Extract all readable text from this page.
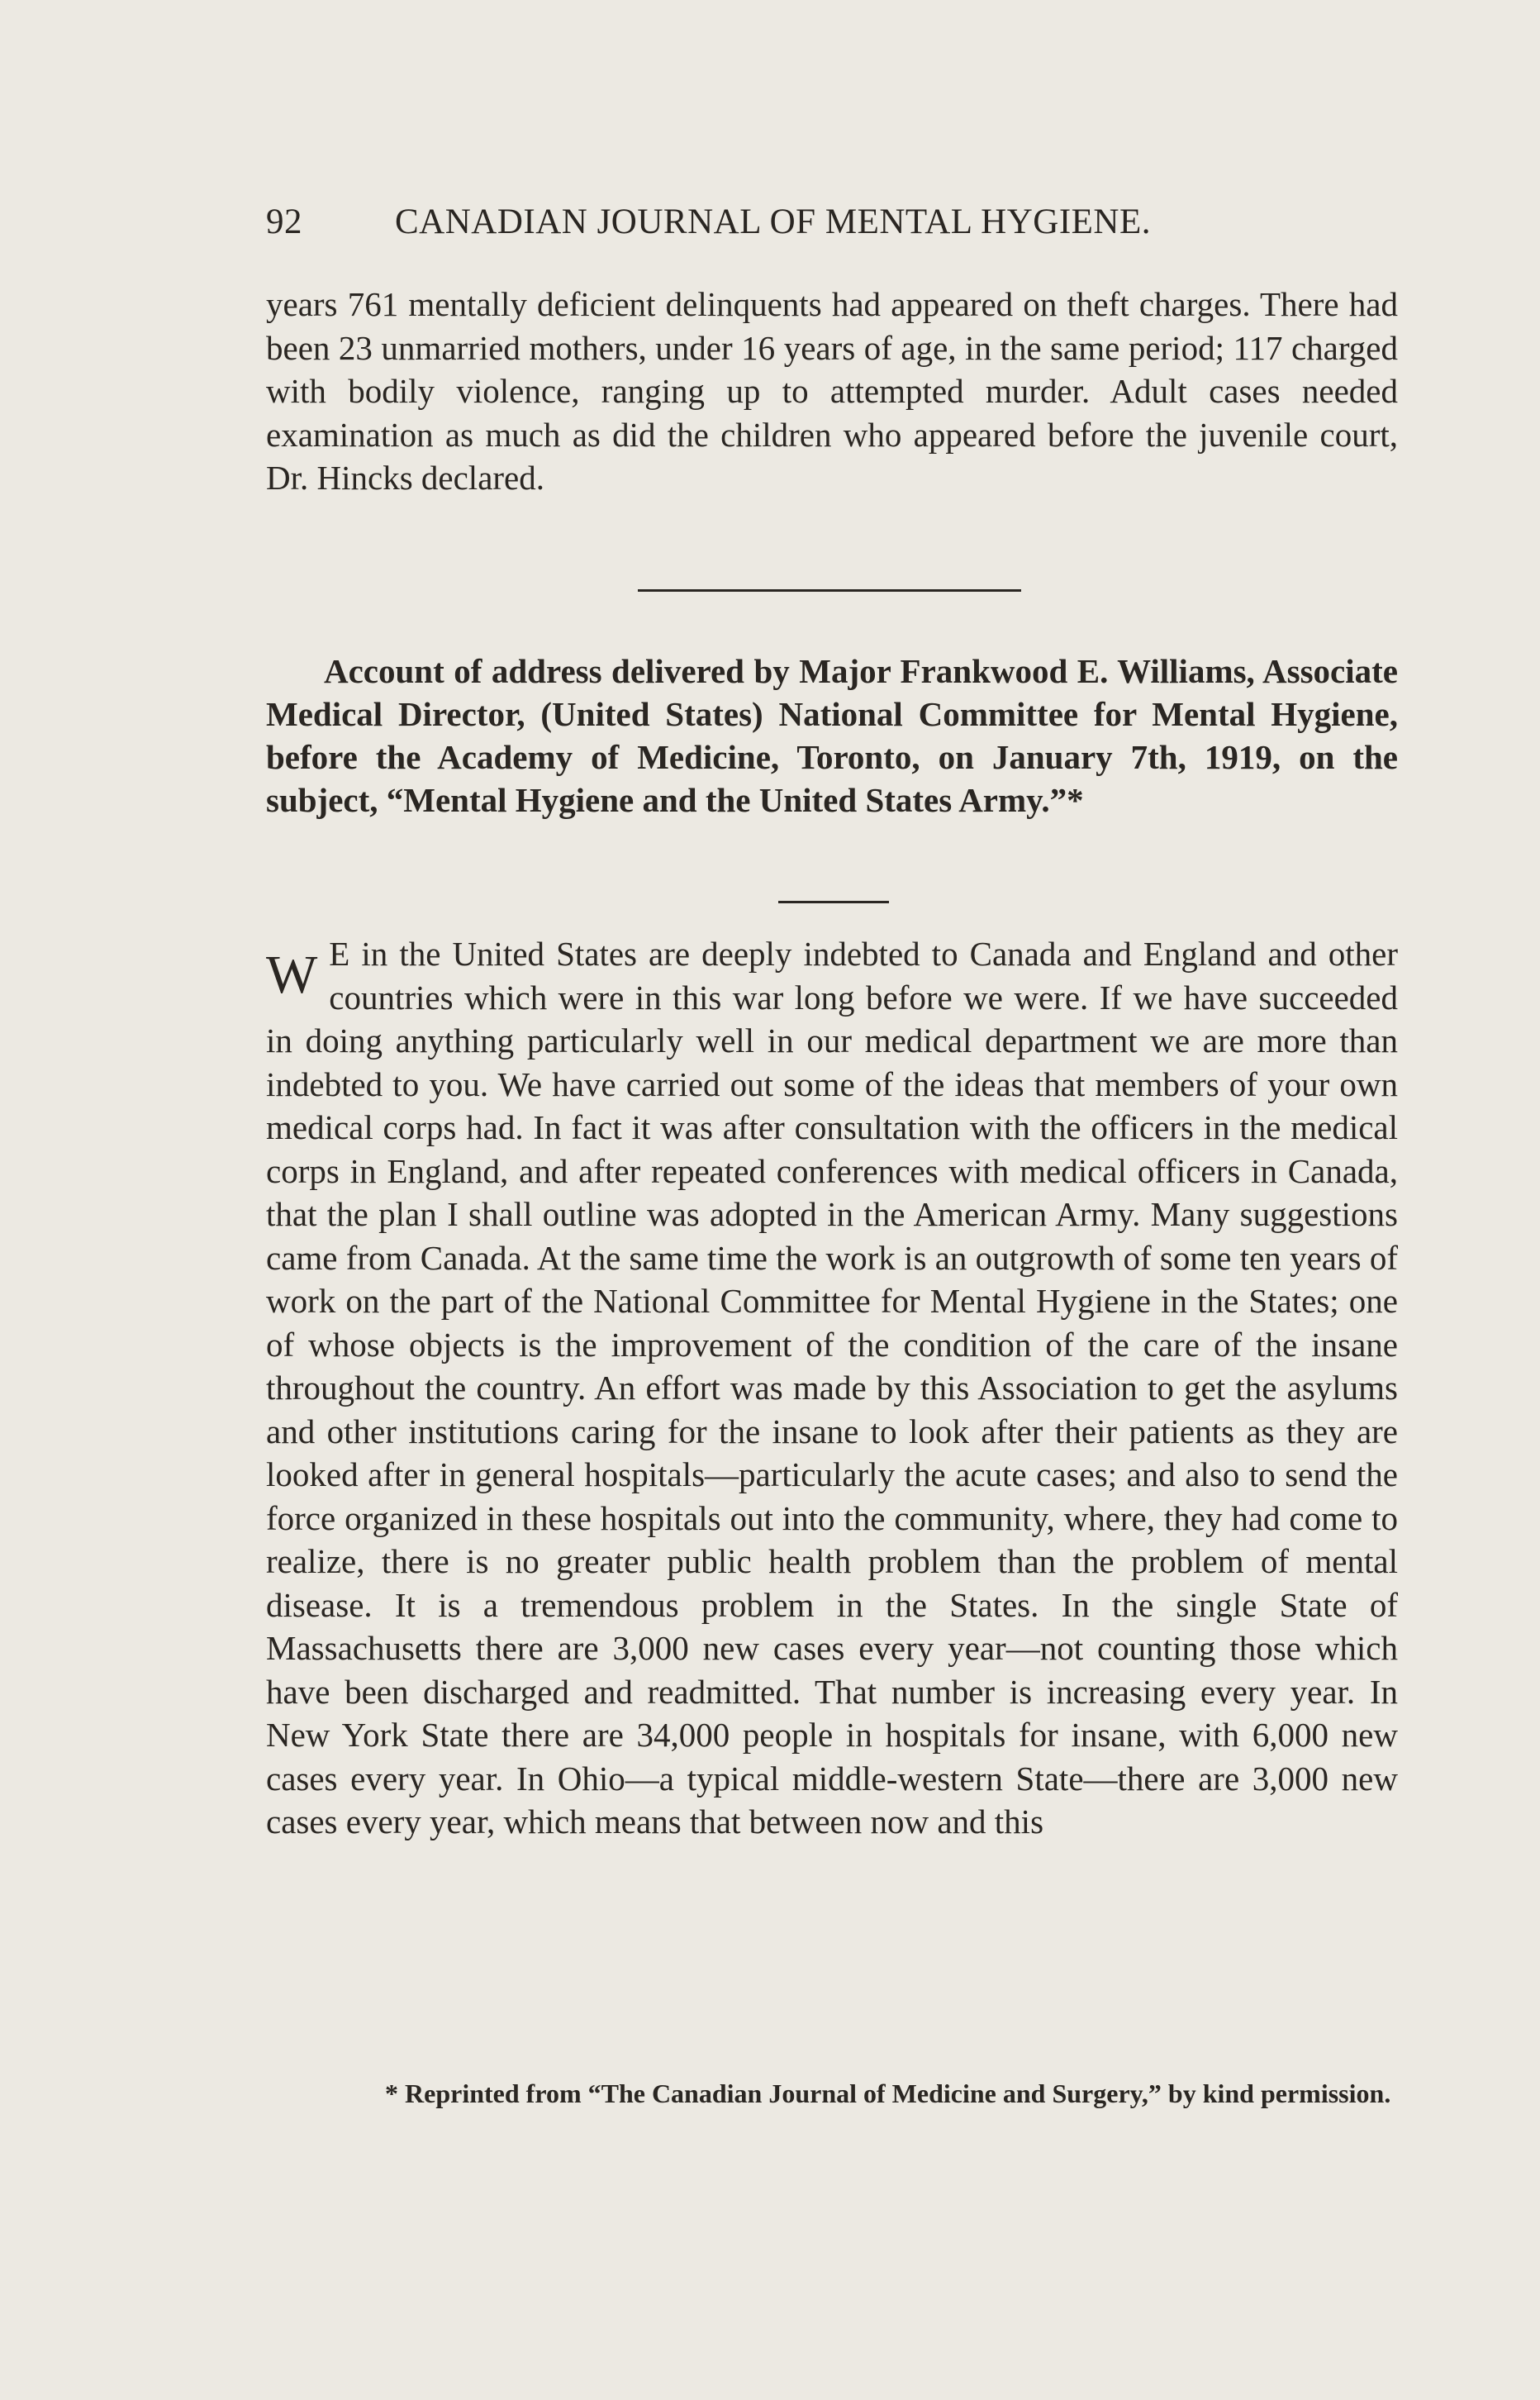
92	CANADIAN JOURNAL OF MENTAL HYGIENE.
years 761 mentally deficient delinquents had appeared on theft charges. There had been 23 unmarried mothers, under 16 years of age, in the same period; 117 charged with bodily violence, ranging up to attempted murder. Adult cases needed examination as much as did the children who appeared before the juvenile court, Dr. Hincks declared.
Account of address delivered by Major Frankwood E. Williams, Associate Medical Director, (United States) National Committee for Mental Hygiene, before the Academy of Medicine, Toronto, on January 7th, 1919, on the subject, “Mental Hygiene and the United States Army.”*
W E in the United States are deeply indebted to Canada and England and other countries which were in this war long before we were. If we have succeeded in doing anything particularly well in our medical department we are more than indebted to you. We have carried out some of the ideas that members of your own medical corps had. In fact it was after consultation with the officers in the medical corps in England, and after repeated conferences with medical officers in Canada, that the plan I shall outline was adopted in the American Army. Many suggestions came from Canada. At the same time the work is an outgrowth of some ten years of work on the part of the National Committee for Mental Hygiene in the States; one of whose objects is the improvement of the condition of the care of the insane throughout the country. An effort was made by this Association to get the asylums and other institutions caring for the insane to look after their patients as they are looked after in general hospitals—particularly the acute cases; and also to send the force organized in these hospitals out into the community, where, they had come to realize, there is no greater public health problem than the problem of mental disease. It is a tremendous problem in the States. In the single State of Massachusetts there are 3,000 new cases every year—not counting those which have been discharged and readmitted. That number is increasing every year. In New York State there are 34,000 people in hospitals for insane, with 6,000 new cases every year. In Ohio—a typical middle-western State—there are 3,000 new cases every year, which means that between now and this
* Reprinted from “The Canadian Journal of Medicine and Surgery,” by kind permission.
